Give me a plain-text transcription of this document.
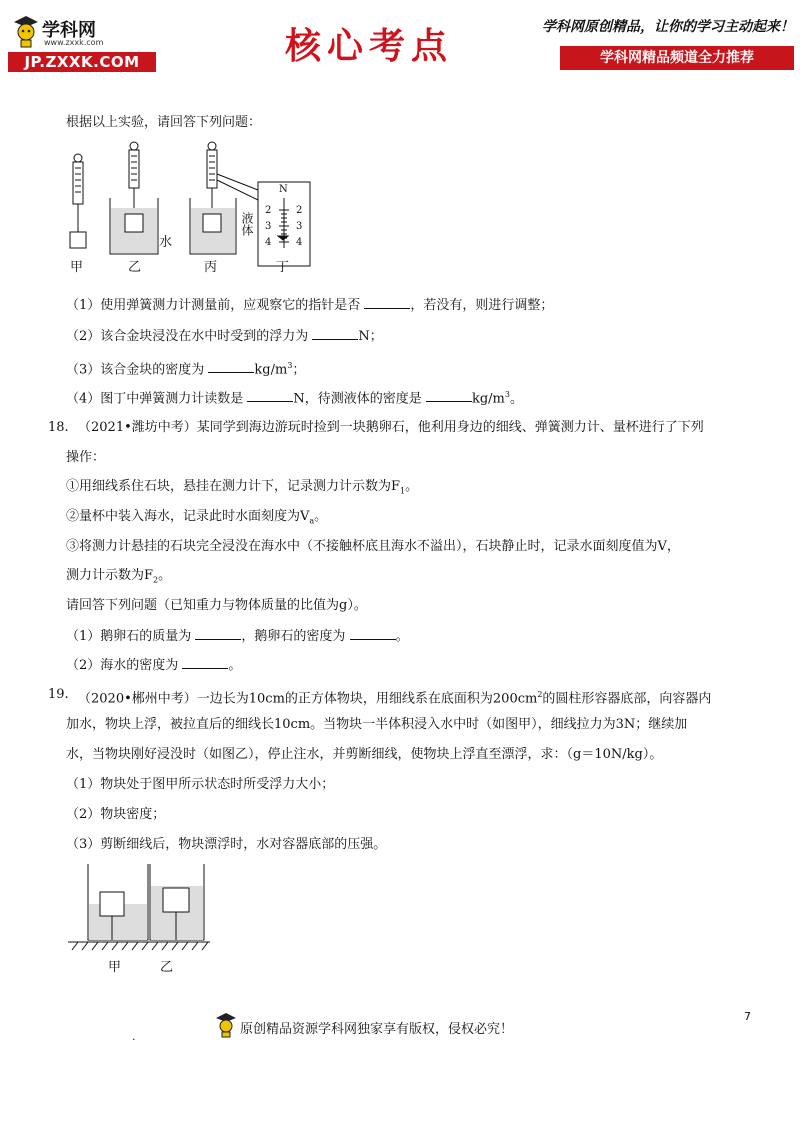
学科网
www.zxxk.com
JP.ZXXK.COM	核心考点	学科网原创精品，让你的学习主动起来！
学科网精品频道全力推荐
根据以上实验，请回答下列问题：
水
液体
N
2
3
4
2
3
4
甲	乙	丙	丁
（1）使用弹簧测力计测量前，应观察它的指针是否	，若没有，则进行调整；
（2）该合金块浸没在水中时受到的浮力为	N；
（3）该合金块的密度为	$kg/m^3$；
（4）图丁中弹簧测力计读数是	N，待测液体的密度是	$kg/m^3$。
18. （2021•潍坊中考）某同学到海边游玩时捡到一块鹅卵石，他利用身边的细线、弹簧测力计、量杯进行了下列
操作：
①用细线系住石块，悬挂在测力计下，记录测力计示数为$F_1$。
②量杯中装入海水，记录此时水面刻度为$V_a$。
③将测力计悬挂的石块完全浸没在海水中（不接触杯底且海水不溢出），石块静止时，记录水面刻度值为V，
测力计示数为$F_2$。
请回答下列问题（已知重力与物体质量的比值为g）。
（1）鹅卵石的质量为	，鹅卵石的密度为	。
（2）海水的密度为	。
19. （2020•郴州中考）一边长为10cm的正方体物块，用细线系在底面积为$200cm^2$的圆柱形容器底部，向容器内
加水，物块上浮，被拉直后的细线长10cm。当物块一半体积浸入水中时（如图甲），细线拉力为3N；继续加
水，当物块刚好浸没时（如图乙），停止注水，并剪断细线，使物块上浮直至漂浮，求：（g＝10N/kg）。
（1）物块处于图甲所示状态时所受浮力大小；
（2）物块密度；
（3）剪断细线后，物块漂浮时，水对容器底部的压强。
甲	乙
.	原创精品资源学科网独家享有版权，侵权必究！
7
